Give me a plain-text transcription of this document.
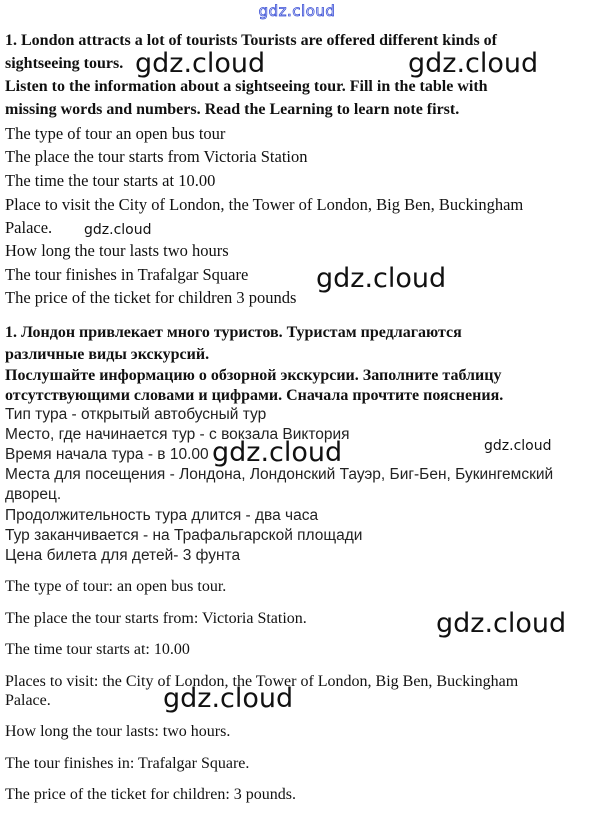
gdz.cloud
1. London attracts a lot of tourists Tourists are offered different kinds of
sightseeing tours.
Listen to the information about a sightseeing tour. Fill in the table with
missing words and numbers. Read the Learning to learn note first.
The type of tour an open bus tour
The place the tour starts from Victoria Station
The time the tour starts at 10.00
Place to visit the City of London, the Tower of London, Big Ben, Buckingham
Palace.
How long the tour lasts two hours
The tour finishes in Trafalgar Square
The price of the ticket for children 3 pounds
1. Лондон привлекает много туристов. Туристам предлагаются
различные виды экскурсий.
Послушайте информацию о обзорной экскурсии. Заполните таблицу
отсутствующими словами и цифрами. Сначала прочтите пояснения.
Тип тура - открытый автобусный тур
Место, где начинается тур - с вокзала Виктория
Время начала тура - в 10.00
Места для посещения - Лондона, Лондонский Тауэр, Биг-Бен, Букингемский
дворец.
Продолжительность тура длится - два часа
Тур заканчивается - на Трафальгарской площади
Цена билета для детей- 3 фунта
The type of tour: an open bus tour.
The place the tour starts from: Victoria Station.
The time tour starts at: 10.00
Places to visit: the City of London, the Tower of London, Big Ben, Buckingham
Palace.
How long the tour lasts: two hours.
The tour finishes in: Trafalgar Square.
The price of the ticket for children: 3 pounds.
gdz.cloud	gdz.cloud
gdz.cloud
gdz.cloud
gdz.cloud
gdz.cloud
gdz.cloud
gdz.cloud
